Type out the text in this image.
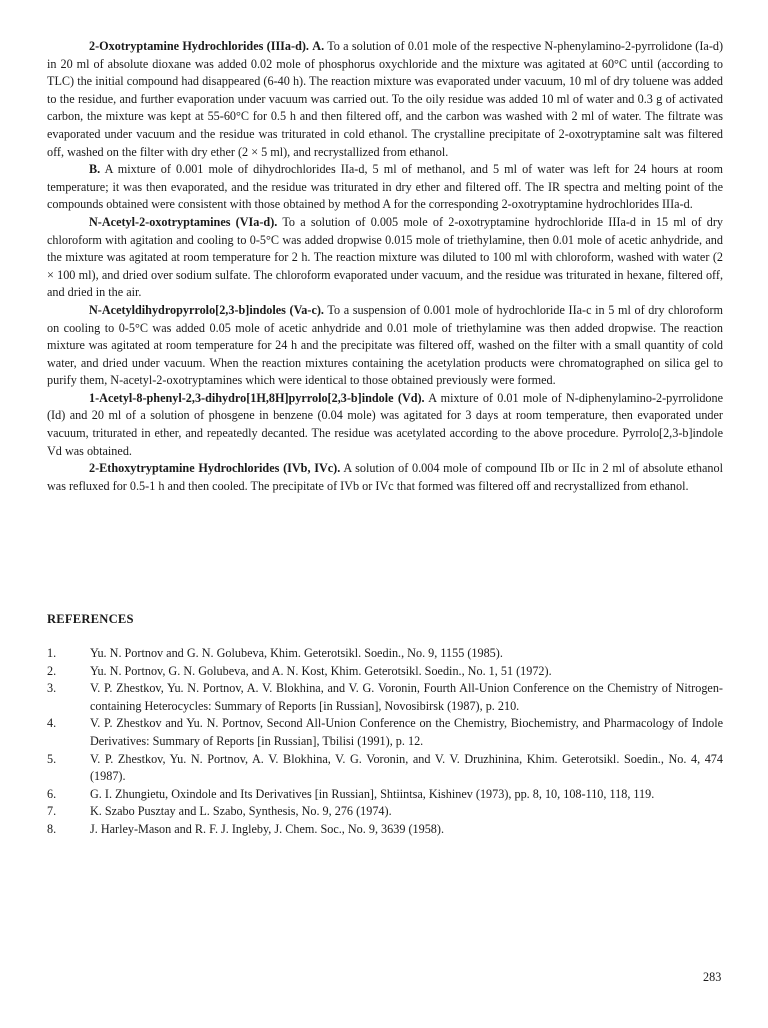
2-Oxotryptamine Hydrochlorides (IIIa-d). A. To a solution of 0.01 mole of the respective N-phenylamino-2-pyrrolidone (Ia-d) in 20 ml of absolute dioxane was added 0.02 mole of phosphorus oxychloride and the mixture was agitated at 60°C until (according to TLC) the initial compound had disappeared (6-40 h). The reaction mixture was evaporated under vacuum, 10 ml of dry toluene was added to the residue, and further evaporation under vacuum was carried out. To the oily residue was added 10 ml of water and 0.3 g of activated carbon, the mixture was kept at 55-60°C for 0.5 h and then filtered off, and the carbon was washed with 2 ml of water. The filtrate was evaporated under vacuum and the residue was triturated in cold ethanol. The crystalline precipitate of 2-oxotryptamine salt was filtered off, washed on the filter with dry ether (2 × 5 ml), and recrystallized from ethanol.

B. A mixture of 0.001 mole of dihydrochlorides IIa-d, 5 ml of methanol, and 5 ml of water was left for 24 hours at room temperature; it was then evaporated, and the residue was triturated in dry ether and filtered off. The IR spectra and melting point of the compounds obtained were consistent with those obtained by method A for the corresponding 2-oxotryptamine hydrochlorides IIIa-d.

N-Acetyl-2-oxotryptamines (VIa-d). To a solution of 0.005 mole of 2-oxotryptamine hydrochloride IIIa-d in 15 ml of dry chloroform with agitation and cooling to 0-5°C was added dropwise 0.015 mole of triethylamine, then 0.01 mole of acetic anhydride, and the mixture was agitated at room temperature for 2 h. The reaction mixture was diluted to 100 ml with chloroform, washed with water (2 × 100 ml), and dried over sodium sulfate. The chloroform evaporated under vacuum, and the residue was triturated in hexane, filtered off, and dried in the air.

N-Acetyldihydropyrrolo[2,3-b]indoles (Va-c). To a suspension of 0.001 mole of hydrochloride IIa-c in 5 ml of dry chloroform on cooling to 0-5°C was added 0.05 mole of acetic anhydride and 0.01 mole of triethylamine was then added dropwise. The reaction mixture was agitated at room temperature for 24 h and the precipitate was filtered off, washed on the filter with a small quantity of cold water, and dried under vacuum. When the reaction mixtures containing the acetylation products were chromatographed on silica gel to purify them, N-acetyl-2-oxotryptamines which were identical to those obtained previously were formed.

1-Acetyl-8-phenyl-2,3-dihydro[1H,8H]pyrrolo[2,3-b]indole (Vd). A mixture of 0.01 mole of N-diphenylamino-2-pyrrolidone (Id) and 20 ml of a solution of phosgene in benzene (0.04 mole) was agitated for 3 days at room temperature, then evaporated under vacuum, triturated in ether, and repeatedly decanted. The residue was acetylated according to the above procedure. Pyrrolo[2,3-b]indole Vd was obtained.

2-Ethoxytryptamine Hydrochlorides (IVb, IVc). A solution of 0.004 mole of compound IIb or IIc in 2 ml of absolute ethanol was refluxed for 0.5-1 h and then cooled. The precipitate of IVb or IVc that formed was filtered off and recrystallized from ethanol.

REFERENCES
1.	Yu. N. Portnov and G. N. Golubeva, Khim. Geterotsikl. Soedin., No. 9, 1155 (1985).
2.	Yu. N. Portnov, G. N. Golubeva, and A. N. Kost, Khim. Geterotsikl. Soedin., No. 1, 51 (1972).
3.	V. P. Zhestkov, Yu. N. Portnov, A. V. Blokhina, and V. G. Voronin, Fourth All-Union Conference on the Chemistry of Nitrogen-containing Heterocycles: Summary of Reports [in Russian], Novosibirsk (1987), p. 210.
4.	V. P. Zhestkov and Yu. N. Portnov, Second All-Union Conference on the Chemistry, Biochemistry, and Pharmacology of Indole Derivatives: Summary of Reports [in Russian], Tbilisi (1991), p. 12.
5.	V. P. Zhestkov, Yu. N. Portnov, A. V. Blokhina, V. G. Voronin, and V. V. Druzhinina, Khim. Geterotsikl. Soedin., No. 4, 474 (1987).
6.	G. I. Zhungietu, Oxindole and Its Derivatives [in Russian], Shtiintsa, Kishinev (1973), pp. 8, 10, 108-110, 118, 119.
7.	K. Szabo Pusztay and L. Szabo, Synthesis, No. 9, 276 (1974).
8.	J. Harley-Mason and R. F. J. Ingleby, J. Chem. Soc., No. 9, 3639 (1958).
283
